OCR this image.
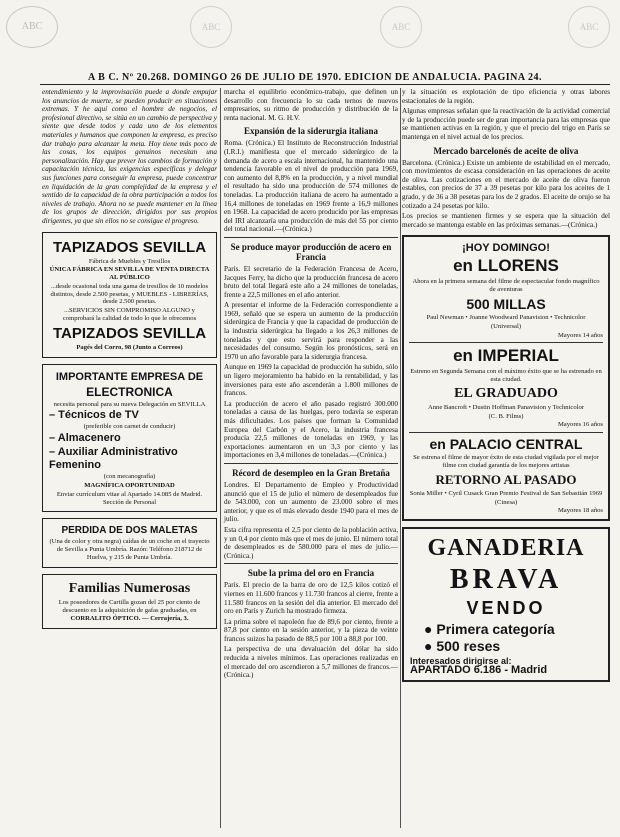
ABC	ABC	ABC	ABC
A B C. Nº 20.268. DOMINGO 26 DE JULIO DE 1970. EDICION DE ANDALUCIA. PAGINA 24.

entendimiento y la improvisación puede a donde empujar los anuncios de muerte, se pueden producir en situaciones extremas. Y he aquí como el hombre de negocios, el profesional directivo, se sitúa en un cambio de perspectiva y siente que desde todos y cada uno de los elementos materiales y humanos que componen la empresa, es preciso dar trabajo para alcanzar la meta. Hoy tiene más poco de las cosas, los equipos genuinos necesitan una personalización. Hay que prever los cambios de formación y capacitación técnica, las exigencias específicas y delegar sus funciones para conseguir la empresa, puede concentrar en liquidación de la gran complejidad de la empresa y el sentido de la capacidad de la obra participación a todos los niveles de trabajo. Ahora no se puede mantener en la línea de los grupos de dirección, dirigidos por sus propios dirigentes, ya que sin ellos no se consigue el progreso.

TAPIZADOS SEVILLA

Fábrica de Muebles y Tresillos

ÚNICA FÁBRICA EN SEVILLA DE VENTA DIRECTA AL PÚBLICO

...desde ocasional toda una gama de tresillos de 10 modelos distintos, desde 2.500 pesetas, y MUEBLES - LIBRERÍAS, desde 2.500 pesetas.

...SERVICIOS SIN COMPROMISO ALGUNO y comprobará la calidad de todo lo que le ofrecemos

TAPIZADOS SEVILLA

Pagés del Corro, 98 (Junto a Correos)

IMPORTANTE EMPRESA DE
ELECTRONICA

necesita personal para su nueva Delegación en SEVILLA

– Técnicos de TV

(preferible con carnet de conducir)

– Almacenero

– Auxiliar Administrativo Femenino

(con mecanografía)

MAGNÍFICA OPORTUNIDAD

Enviar currículum vitae al Apartado 14.085 de Madrid. Sección de Personal

PERDIDA DE DOS MALETAS

(Una de color y otra negra) caídas de un coche en el trayecto de Sevilla a Punta Umbría. Razón: Teléfono 218712 de Huelva, y 215 de Punta Umbría.

Familias Numerosas

Los poseedores de Cartilla gozan del 25 por ciento de descuento en la adquisición de gafas graduadas, en

CORRALITO ÓPTICO. — Cerrajería, 3.

marcha el equilibrio económico-trabajo, que definen un desarrollo con frecuencia lo su cada ternos de nuevos empresarios, su ritmo de producción y distribución de la renta nacional. M. G. H.V.

Expansión de la siderurgia italiana

Roma. (Crónica.) El Instituto de Reconstrucción Industrial (I.R.I.) manifiesta que el mercado siderúrgico de la demanda de acero a escala internacional, ha mantenido una tendencia favorable en el nivel de producción para 1969, con aumento del 8,8% en la producción, y a nivel mundial el resultado ha sido una producción de 574 millones de toneladas. La producción italiana de acero ha aumentado a 16,4 millones de toneladas en 1969 frente a 16,9 millones en 1968. La capacidad de acero producido por las empresas del IRI alcanzaría una producción de más del 55 por ciento del total nacional.—(Crónica.)

Se produce mayor producción de acero en Francia

París. El secretario de la Federación Francesa de Acero, Jacques Ferry, ha dicho que la producción francesa de acero bruto del total llegará este año a 24 millones de toneladas, frente a 22,5 millones en el año anterior.

A presentar el informe de la Federación correspondiente a 1969, señaló que se espera un aumento de la producción siderúrgica de Francia y que la capacidad de producción de la industria siderúrgica ha llegado a los 26,3 millones de toneladas y que esto servirá para responder a las necesidades del consumo. Según los pronósticos, será en 1970 un año favorable para la siderurgia francesa.

Aunque en 1969 la capacidad de producción ha subido, sólo un ligero mejoramiento ha habido en la rentabilidad, y las inversiones para este año ascenderán a 1.800 millones de francos.

La producción de acero el año pasado registró 300.000 toneladas a causa de las huelgas, pero todavía se esperan más dificultades. Los países que forman la Comunidad Europea del Carbón y el Acero, la industria francesa producía 22,5 millones de toneladas en 1969, y las exportaciones aumentaron en un 3,3 por ciento y las importaciones en 3,4 millones de toneladas.—(Crónica.)

Récord de desempleo en la Gran Bretaña

Londres. El Departamento de Empleo y Productividad anunció que el 15 de julio el número de desempleados fue de 543.000, con un aumento de 23.000 sobre el mes anterior, y que es el más elevado desde 1940 para el mes de julio.

Esta cifra representa el 2,5 por ciento de la población activa, y un 0,4 por ciento más que el mes de junio. El número total de desempleados es de 580.000 para el mes de julio.—(Crónica.)

Sube la prima del oro en Francia

París. El precio de la barra de oro de 12,5 kilos cotizó el viernes en 11.600 francos y 11.730 francos al cierre, frente a 11.580 francos en la sesión del día anterior. El mercado del oro en París y Zurich ha mostrado firmeza.

La prima sobre el napoleón fue de 89,6 por ciento, frente a 87,8 por ciento en la sesión anterior, y la pieza de veinte francos suizos ha pasado de 88,5 por 100 a 88,8 por 100.

La perspectiva de una devaluación del dólar ha sido reducida a niveles mínimos. Las operaciones realizadas en el mercado del oro ascendieron a 5,7 millones de francos.—(Crónica.)

y la situación es explotación de tipo eficiencia y otras labores estacionales de la región.

Algunas empresas señalan que la reactivación de la actividad comercial y de la producción puede ser de gran importancia para las empresas que se mantienen activas en la región, y que el precio del trigo en París se mantenga en el nivel actual de los precios.

Mercado barcelonés de aceite de oliva

Barcelona. (Crónica.) Existe un ambiente de estabilidad en el mercado, con movimientos de escasa consideración en las operaciones de aceite de oliva. Las cotizaciones en el mercado de aceite de oliva fueron estables, con precios de 37 a 39 pesetas por kilo para los aceites de 1 grado, y de 36 a 38 pesetas para los de 2 grados. El aceite de orujo se ha cotizado a 24 pesetas por kilo.

Los precios se mantienen firmes y se espera que la situación del mercado se mantenga estable en las próximas semanas.—(Crónica.)

¡HOY DOMINGO!
en LLORENS

Ahora en la primera semana del filme de espectacular fondo magnífico de aventuras

500 MILLAS

Paul Newman • Joanne Woodward Panavision • Technicolor

(Universal)

Mayores 14 años

en IMPERIAL

Estreno en Segunda Semana con el máximo éxito que se ha estrenado en esta ciudad.

EL GRADUADO

Anne Bancroft • Dustin Hoffman Panavision y Technicolor

(C. B. Films)

Mayores 16 años

en PALACIO CENTRAL

Se estrena el filme de mayor éxito de esta ciudad vigilada por el mejor filme con ciudad garantía de los mejores artistas

RETORNO AL PASADO

Sonia Miller • Cyril Cusack Gran Premio Festival de San Sebastián 1969

(Cinesa)

Mayores 18 años

GANADERIA
BRAVA
VENDO
● Primera categoría
● 500 reses

Interesados dirigirse al:

APARTADO 6.186 - Madrid
